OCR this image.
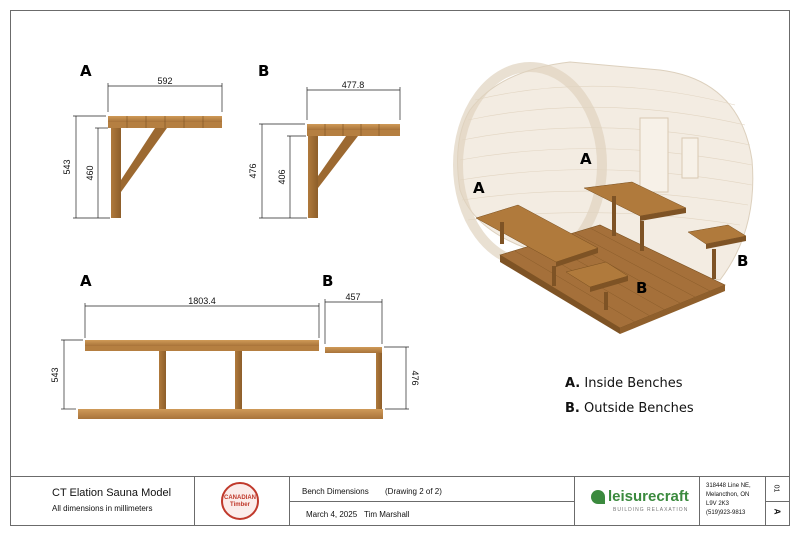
A
592
543 460
B
477.8
476 406
A
1803.4
543
B
457
476
A
A
B
B
A. Inside Benches
B. Outside Benches
CT Elation Sauna Model
All dimensions in millimeters
CANADIAN Timber
Bench Dimensions (Drawing 2 of 2)
March 4, 2025 Tim Marshall
leisurecraft
BUILDING RELAXATION
318448 Line NE,
Melancthon, ON
L9V 2K3
(519)923-9813
01
A
